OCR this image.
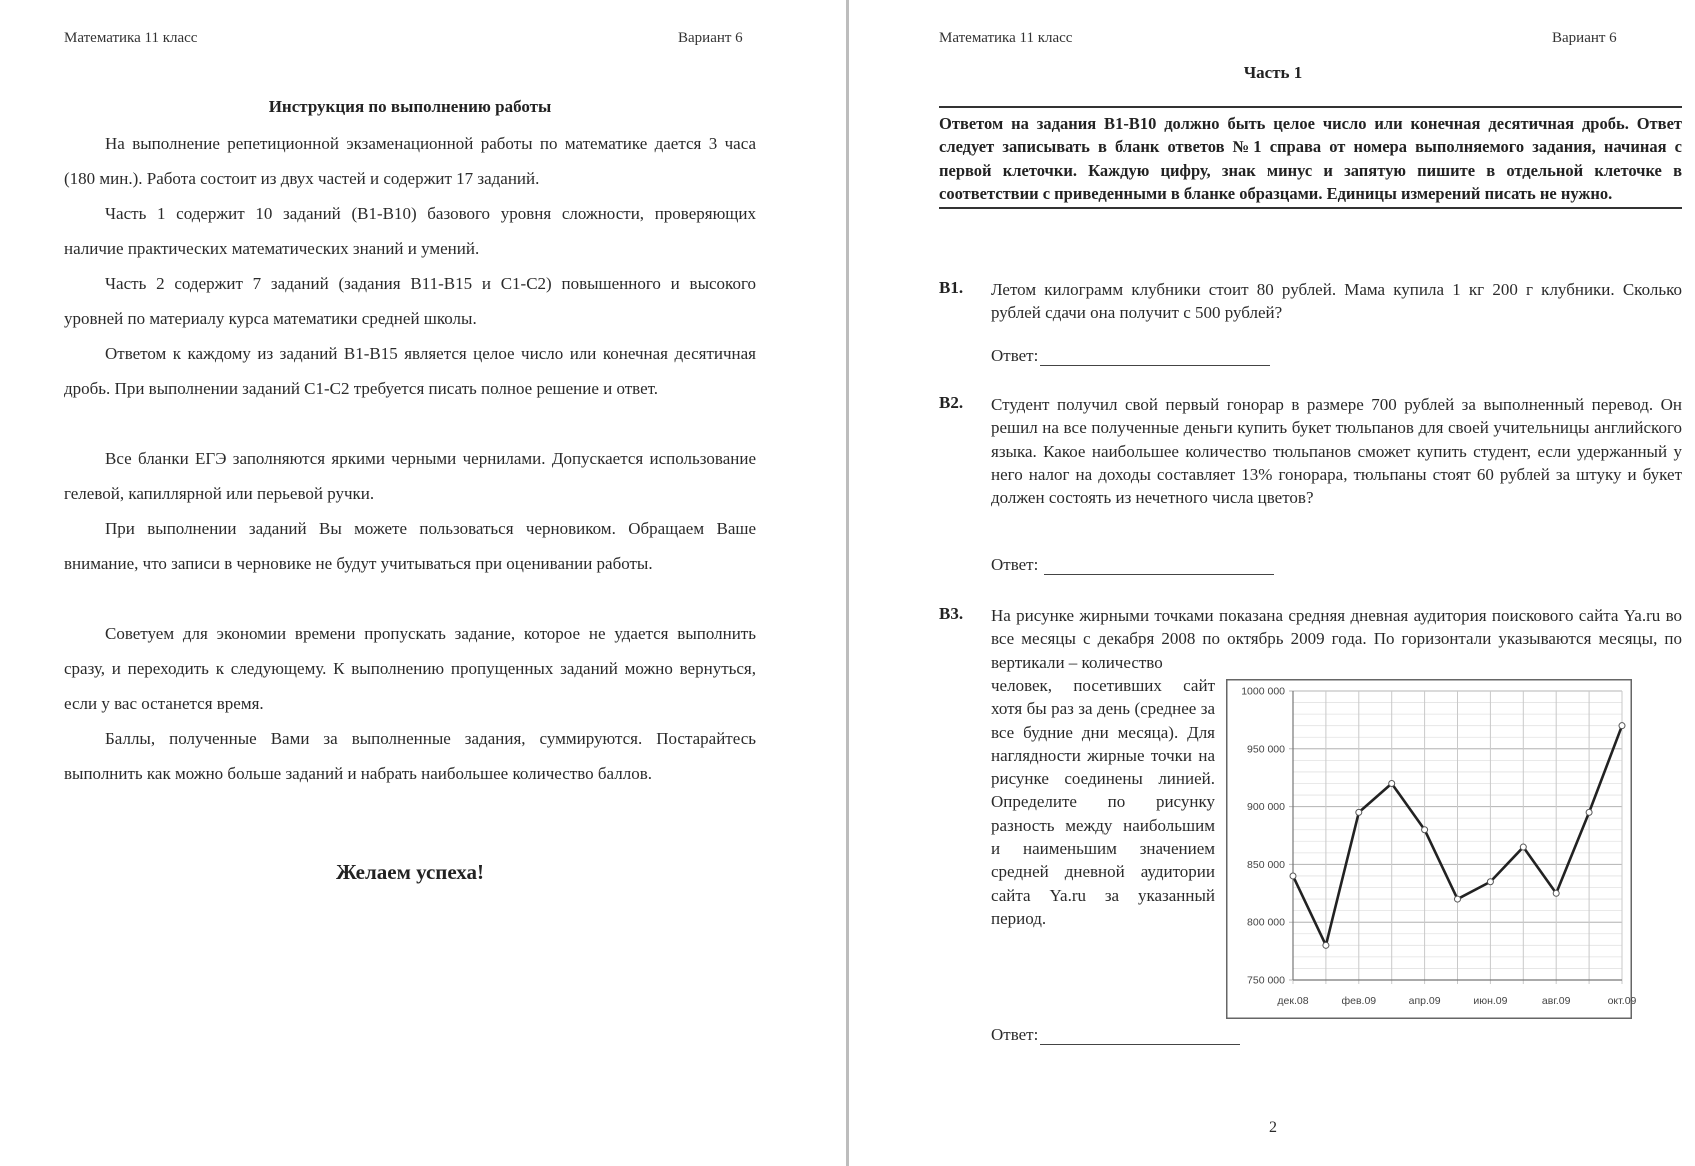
Математика 11 класс	Вариант 6
Инструкция по выполнению работы
На выполнение репетиционной экзаменационной работы по математике дается 3 часа (180 мин.). Работа состоит из двух частей и содержит 17 заданий.
Часть 1 содержит 10 заданий (В1-В10) базового уровня сложности, проверяющих наличие практических математических знаний и умений.
Часть 2 содержит 7 заданий (задания В11-В15 и С1-С2) повышенного и высокого уровней по материалу курса математики средней школы.
Ответом к каждому из заданий В1-В15 является целое число или конечная десятичная дробь. При выполнении заданий С1-С2 требуется писать полное решение и ответ.
Все бланки ЕГЭ заполняются яркими черными чернилами. Допускается использование гелевой, капиллярной или перьевой ручки.
При выполнении заданий Вы можете пользоваться черновиком. Обращаем Ваше внимание, что записи в черновике не будут учитываться при оценивании работы.
Советуем для экономии времени пропускать задание, которое не удается выполнить сразу, и переходить к следующему. К выполнению пропущенных заданий можно вернуться, если у вас останется время.
Баллы, полученные Вами за выполненные задания, суммируются. Постарайтесь выполнить как можно больше заданий и набрать наибольшее количество баллов.
Желаем успеха!
Математика 11 класс	Вариант 6
Часть 1
Ответом на задания В1-В10 должно быть целое число или конечная десятичная дробь. Ответ следует записывать в бланк ответов №1 справа от номера выполняемого задания, начиная с первой клеточки. Каждую цифру, знак минус и запятую пишите в отдельной клеточке в соответствии с приведенными в бланке образцами. Единицы измерений писать не нужно.
В1. Летом килограмм клубники стоит 80 рублей. Мама купила 1 кг 200 г клубники. Сколько рублей сдачи она получит с 500 рублей?
Ответ:
В2. Студент получил свой первый гонорар в размере 700 рублей за выполненный перевод. Он решил на все полученные деньги купить букет тюльпанов для своей учительницы английского языка. Какое наибольшее количество тюльпанов сможет купить студент, если удержанный у него налог на доходы составляет 13% гонорара, тюльпаны стоят 60 рублей за штуку и букет должен состоять из нечетного числа цветов?
Ответ:
В3. На рисунке жирными точками показана средняя дневная аудитория поискового сайта Ya.ru во все месяцы с декабря 2008 по октябрь 2009 года. По горизонтали указываются месяцы, по вертикали – количество
человек, посетивших сайт хотя бы раз за день (среднее за все будние дни месяца). Для наглядности жирные точки на рисунке соединены линией. Определите по рисунку разность между наибольшим и наименьшим значением средней дневной аудитории сайта Ya.ru за указанный период.
750 000
800 000
850 000
900 000
950 000
1000 000
дек.08	фев.09	апр.09	июн.09	авг.09	окт.09
Ответ:
2
